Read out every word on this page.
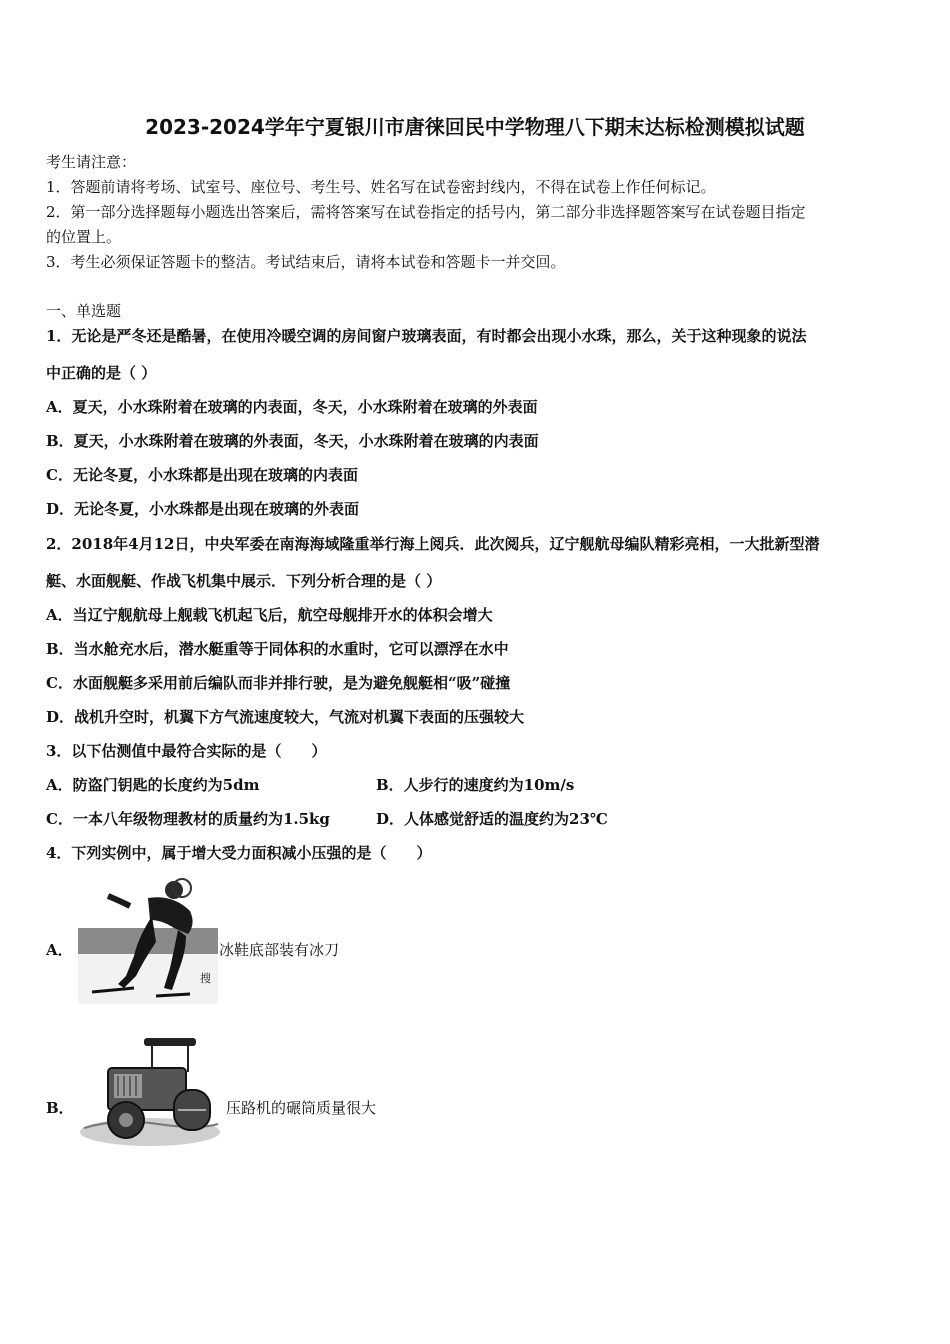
2023-2024学年宁夏银川市唐徕回民中学物理八下期末达标检测模拟试题
考生请注意：
1．答题前请将考场、试室号、座位号、考生号、姓名写在试卷密封线内，不得在试卷上作任何标记。
2．第一部分选择题每小题选出答案后，需将答案写在试卷指定的括号内，第二部分非选择题答案写在试卷题目指定
的位置上。
3．考生必须保证答题卡的整洁。考试结束后，请将本试卷和答题卡一并交回。
一、单选题
1．无论是严冬还是酷暑，在使用冷暖空调的房间窗户玻璃表面，有时都会出现小水珠，那么，关于这种现象的说法
中正确的是（ ）
A．夏天，小水珠附着在玻璃的内表面，冬天，小水珠附着在玻璃的外表面
B．夏天，小水珠附着在玻璃的外表面，冬天，小水珠附着在玻璃的内表面
C．无论冬夏，小水珠都是出现在玻璃的内表面
D．无论冬夏，小水珠都是出现在玻璃的外表面
2．2018年4月12日，中央军委在南海海域隆重举行海上阅兵．此次阅兵，辽宁舰航母编队精彩亮相，一大批新型潜
艇、水面舰艇、作战飞机集中展示．下列分析合理的是（ ）
A．当辽宁舰航母上舰载飞机起飞后，航空母舰排开水的体积会增大
B．当水舱充水后，潜水艇重等于同体积的水重时，它可以漂浮在水中
C．水面舰艇多采用前后编队而非并排行驶，是为避免舰艇相“吸”碰撞
D．战机升空时，机翼下方气流速度较大，气流对机翼下表面的压强较大
3．以下估测值中最符合实际的是（　　）
A．防盗门钥匙的长度约为5dm	B．人步行的速度约为10m/s
C．一本八年级物理教材的质量约为1.5kg	D．人体感觉舒适的温度约为23℃
4．下列实例中，属于增大受力面积减小压强的是（　　）
A．
搜
冰鞋底部装有冰刀
B．	压路机的碾筒质量很大
